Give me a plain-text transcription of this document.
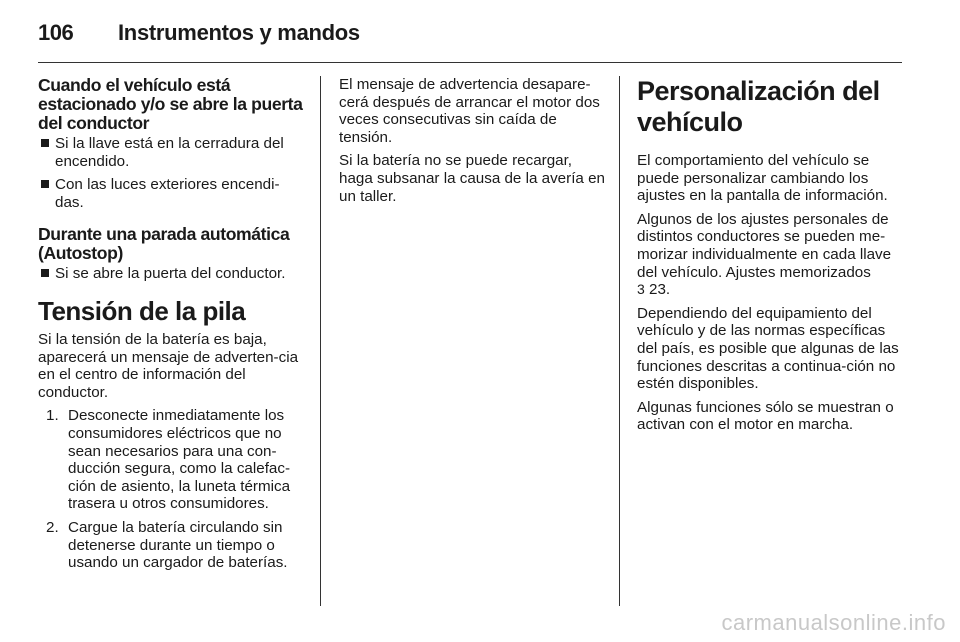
106 Instrumentos y mandos
Cuando el vehículo está estacionado y/o se abre la puerta del conductor
Si la llave está en la cerradura del encendido.
Con las luces exteriores encendi-das.
Durante una parada automática (Autostop)
Si se abre la puerta del conductor.
Tensión de la pila

Si la tensión de la batería es baja, aparecerá un mensaje de adverten-cia en el centro de información del conductor.

1. Desconecte inmediatamente los consumidores eléctricos que no sean necesarios para una con-ducción segura, como la calefac-ción de asiento, la luneta térmica trasera u otros consumidores.
2. Cargue la batería circulando sin detenerse durante un tiempo o usando un cargador de baterías.

El mensaje de advertencia desapare-cerá después de arrancar el motor dos veces consecutivas sin caída de tensión.

Si la batería no se puede recargar, haga subsanar la causa de la avería en un taller.

Personalización del vehículo

El comportamiento del vehículo se puede personalizar cambiando los ajustes en la pantalla de información.

Algunos de los ajustes personales de distintos conductores se pueden me-morizar individualmente en cada llave del vehículo. Ajustes memorizados
3 23.

Dependiendo del equipamiento del vehículo y de las normas específicas del país, es posible que algunas de las funciones descritas a continua-ción no estén disponibles.

Algunas funciones sólo se muestran o activan con el motor en marcha.

carmanualsonline.info
